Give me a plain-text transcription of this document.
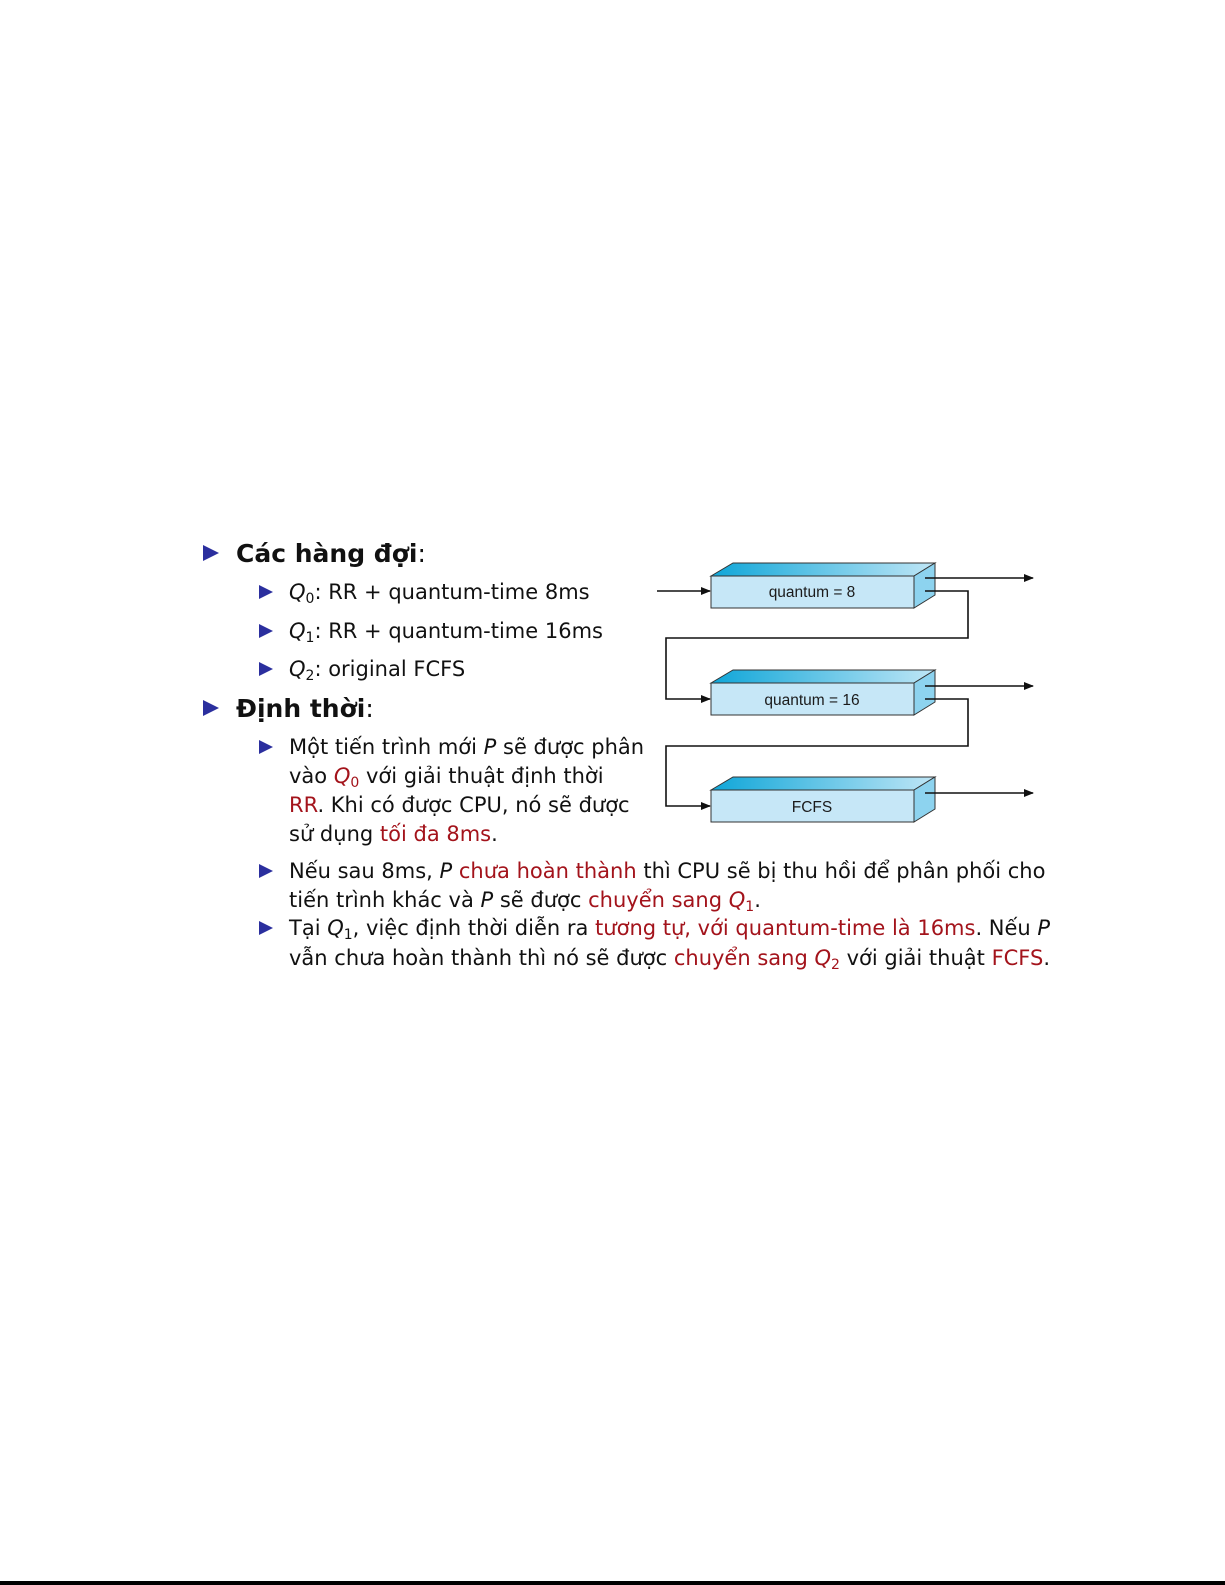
Các hàng đợi:
$Q_0$: RR + quantum-time 8ms
$Q_1$: RR + quantum-time 16ms
$Q_2$: original FCFS
Định thời:
Một tiến trình mới P sẽ được phân
vào $Q_0$ với giải thuật định thời
RR. Khi có được CPU, nó sẽ được
sử dụng tối đa 8ms.
Nếu sau 8ms, P chưa hoàn thành thì CPU sẽ bị thu hồi để phân phối cho
tiến trình khác và P sẽ được chuyển sang $Q_1$.
Tại $Q_1$, việc định thời diễn ra tương tự, với quantum-time là 16ms. Nếu P
vẫn chưa hoàn thành thì nó sẽ được chuyển sang $Q_2$ với giải thuật FCFS.
quantum = 8
quantum = 16
FCFS
